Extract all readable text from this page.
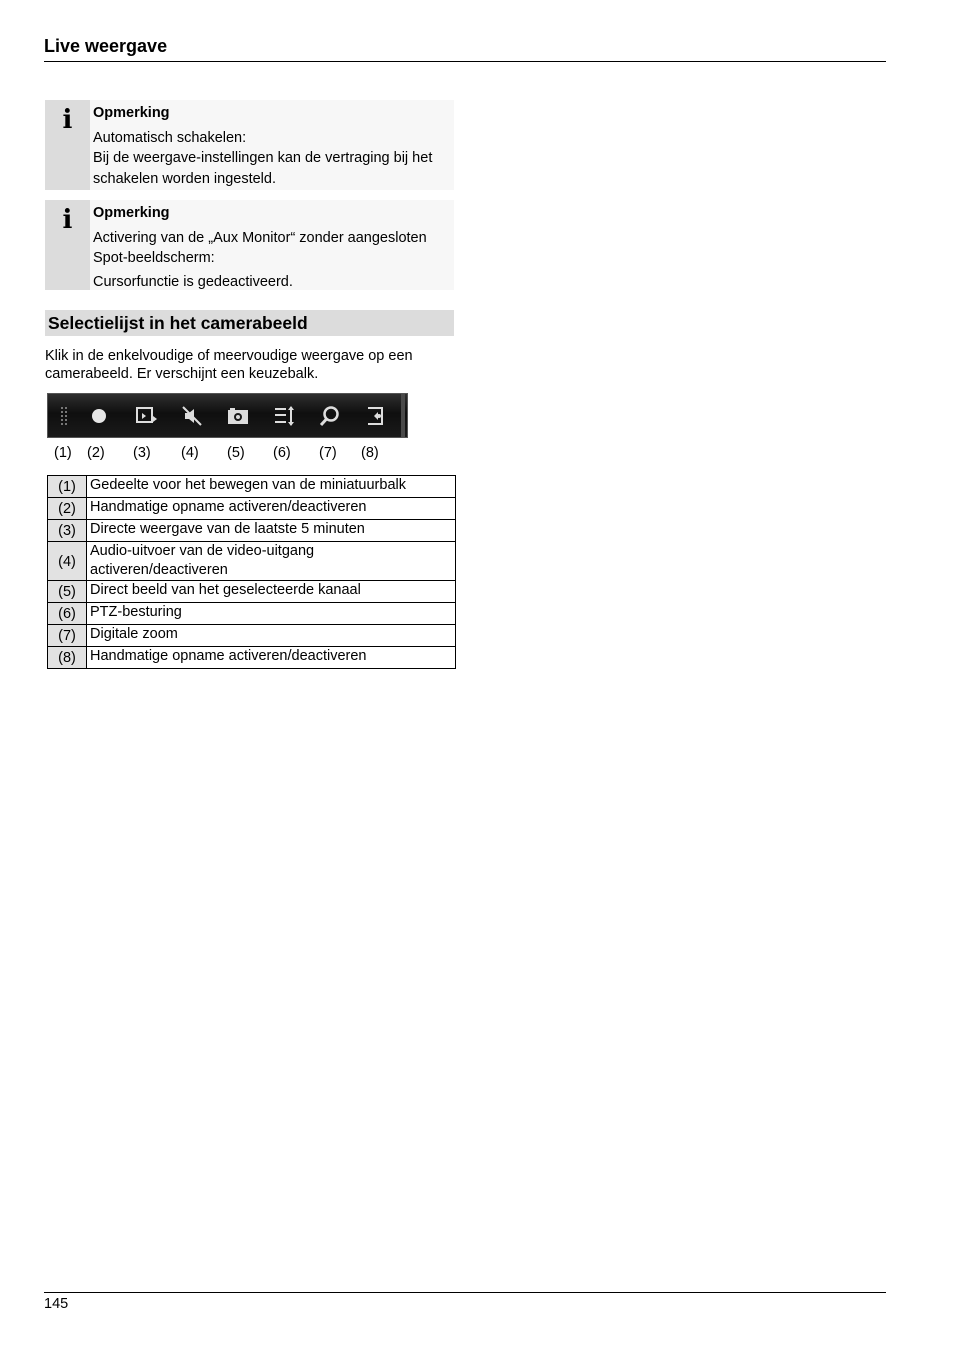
Live weergave
i	Opmerking

Automatisch schakelen:

Bij de weergave-instellingen kan de vertraging bij het schakelen worden ingesteld.

i	Opmerking

Activering van de „Aux Monitor“ zonder aangesloten Spot-beeldscherm:

Cursorfunctie is gedeactiveerd.

Selectielijst in het camerabeeld

Klik in de enkelvoudige of meervoudige weergave op een camerabeeld. Er verschijnt een keuzebalk.

(1) (2) (3) (4) (5) (6) (7) (8)
(1)	Gedeelte voor het bewegen van de miniatuurbalk
(2)	Handmatige opname activeren/deactiveren
(3)	Directe weergave van de laatste 5 minuten
(4)	Audio-uitvoer van de video-uitgang activeren/deactiveren
(5)	Direct beeld van het geselecteerde kanaal
(6)	PTZ-besturing
(7)	Digitale zoom
(8)	Handmatige opname activeren/deactiveren
145
